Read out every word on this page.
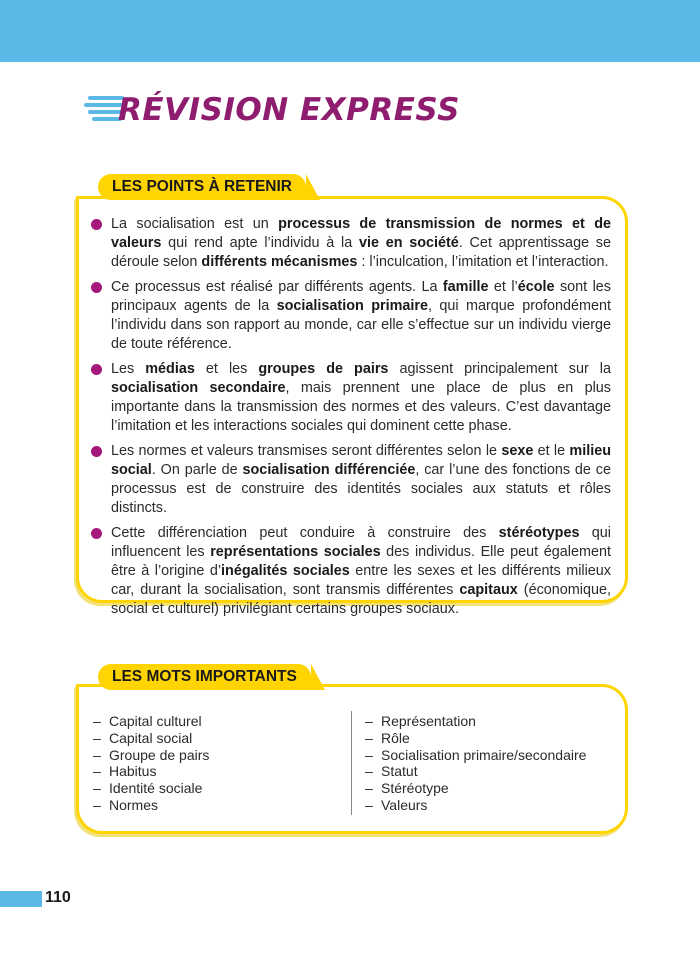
RÉVISION EXPRESS
La socialisation est un processus de transmission de normes et de valeurs qui rend apte l’individu à la vie en société. Cet apprentissage se déroule selon différents mécanismes : l’inculcation, l’imitation et l’interaction.
Ce processus est réalisé par différents agents. La famille et l’école sont les principaux agents de la socialisation primaire, qui marque profondément l’individu dans son rapport au monde, car elle s’effectue sur un individu vierge de toute référence.
Les médias et les groupes de pairs agissent principalement sur la socialisation secondaire, mais prennent une place de plus en plus importante dans la transmission des normes et des valeurs. C’est davantage l’imitation et les interactions sociales qui dominent cette phase.
Les normes et valeurs transmises seront différentes selon le sexe et le milieu social. On parle de socialisation différenciée, car l’une des fonctions de ce processus est de construire des identités sociales aux statuts et rôles distincts.
Cette différenciation peut conduire à construire des stéréotypes qui influencent les représentations sociales des individus. Elle peut également être à l’origine d’inégalités sociales entre les sexes et les différents milieux car, durant la socialisation, sont transmis différentes capitaux (économique, social et culturel) privilégiant certains groupes sociaux.
LES POINTS À RETENIR
– Capital culturel
– Capital social
– Groupe de pairs
– Habitus
– Identité sociale
– Normes
– Représentation
– Rôle
– Socialisation primaire/secondaire
– Statut
– Stéréotype
– Valeurs
LES MOTS IMPORTANTS
110
